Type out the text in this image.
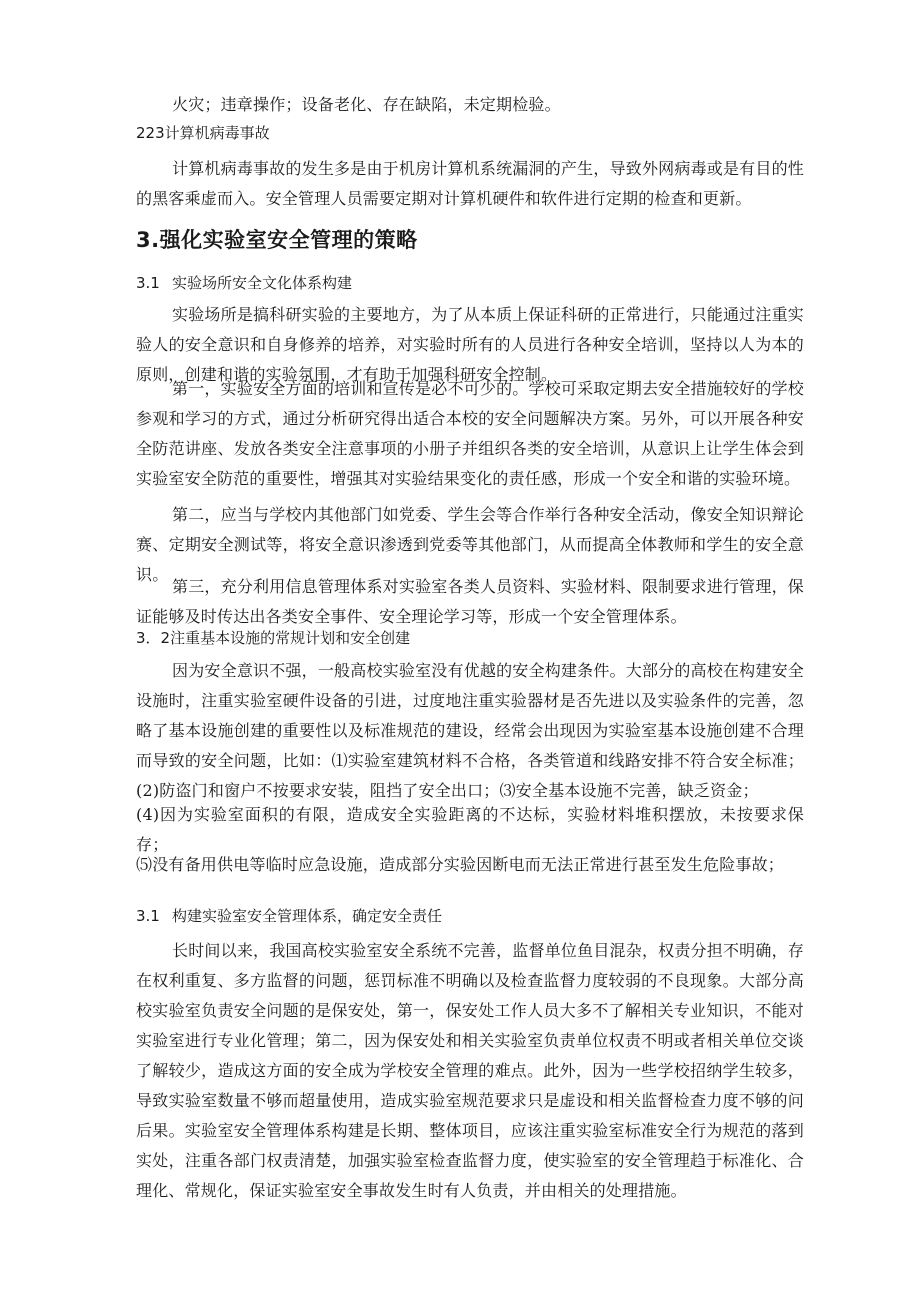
火灾；违章操作；设备老化、存在缺陷，未定期检验。

223计算机病毒事故

计算机病毒事故的发生多是由于机房计算机系统漏洞的产生，导致外网病毒或是有目的性的黑客乘虚而入。安全管理人员需要定期对计算机硬件和软件进行定期的检查和更新。

3.强化实验室安全管理的策略
3.1 实验场所安全文化体系构建

实验场所是搞科研实验的主要地方，为了从本质上保证科研的正常进行，只能通过注重实验人的安全意识和自身修养的培养，对实验时所有的人员进行各种安全培训，坚持以人为本的原则，创建和谐的实验氛围，才有助于加强科研安全控制。

第一，实验安全方面的培训和宣传是必不可少的。学校可采取定期去安全措施较好的学校参观和学习的方式，通过分析研究得出适合本校的安全问题解决方案。另外，可以开展各种安全防范讲座、发放各类安全注意事项的小册子并组织各类的安全培训，从意识上让学生体会到实验室安全防范的重要性，增强其对实验结果变化的责任感，形成一个安全和谐的实验环境。

第二，应当与学校内其他部门如党委、学生会等合作举行各种安全活动，像安全知识辩论赛、定期安全测试等，将安全意识渗透到党委等其他部门，从而提高全体教师和学生的安全意识。

第三，充分利用信息管理体系对实验室各类人员资料、实验材料、限制要求进行管理，保证能够及时传达出各类安全事件、安全理论学习等，形成一个安全管理体系。

3．2注重基本设施的常规计划和安全创建

因为安全意识不强，一般高校实验室没有优越的安全构建条件。大部分的高校在构建安全设施时，注重实验室硬件设备的引进，过度地注重实验器材是否先进以及实验条件的完善，忽略了基本设施创建的重要性以及标准规范的建设，经常会出现因为实验室基本设施创建不合理而导致的安全问题，比如：⑴实验室建筑材料不合格，各类管道和线路安排不符合安全标准；(2)防盗门和窗户不按要求安装，阻挡了安全出口；⑶安全基本设施不完善，缺乏资金；

(4)因为实验室面积的有限，造成安全实验距离的不达标，实验材料堆积摆放，未按要求保存；

⑸没有备用供电等临时应急设施，造成部分实验因断电而无法正常进行甚至发生危险事故；

3.1 构建实验室安全管理体系，确定安全责任

长时间以来，我国高校实验室安全系统不完善，监督单位鱼目混杂，权责分担不明确，存在权利重复、多方监督的问题，惩罚标准不明确以及检查监督力度较弱的不良现象。大部分高校实验室负责安全问题的是保安处，第一，保安处工作人员大多不了解相关专业知识，不能对实验室进行专业化管理；第二，因为保安处和相关实验室负责单位权责不明或者相关单位交谈了解较少，造成这方面的安全成为学校安全管理的难点。此外，因为一些学校招纳学生较多，导致实验室数量不够而超量使用，造成实验室规范要求只是虚设和相关监督检查力度不够的问后果。实验室安全管理体系构建是长期、整体项目，应该注重实验室标准安全行为规范的落到实处，注重各部门权责清楚，加强实验室检查监督力度，使实验室的安全管理趋于标准化、合理化、常规化，保证实验室安全事故发生时有人负责，并由相关的处理措施。
